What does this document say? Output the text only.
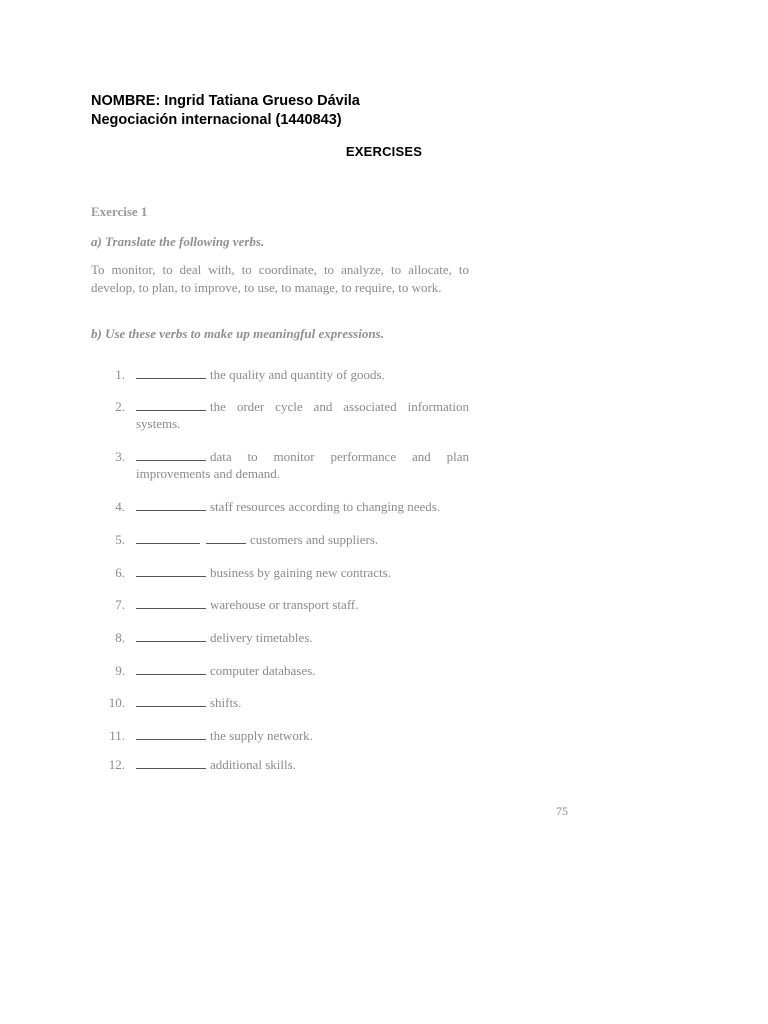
NOMBRE: Ingrid Tatiana Grueso Dávila
Negociación internacional (1440843)
EXERCISES
Exercise 1
a) Translate the following verbs.
To monitor, to deal with, to coordinate, to analyze, to allocate, to develop, to plan, to improve, to use, to manage, to require, to work.
b) Use these verbs to make up meaningful expressions.
1.	the quality and quantity of goods.
2.	the order cycle and associated information systems.
3.	data to monitor performance and plan improvements and demand.
4.	staff resources according to changing needs.
5.	customers and suppliers.
6.	business by gaining new contracts.
7.	warehouse or transport staff.
8.	delivery timetables.
9.	computer databases.
10.	shifts.
11.	the supply network.
12.	additional skills.
75
